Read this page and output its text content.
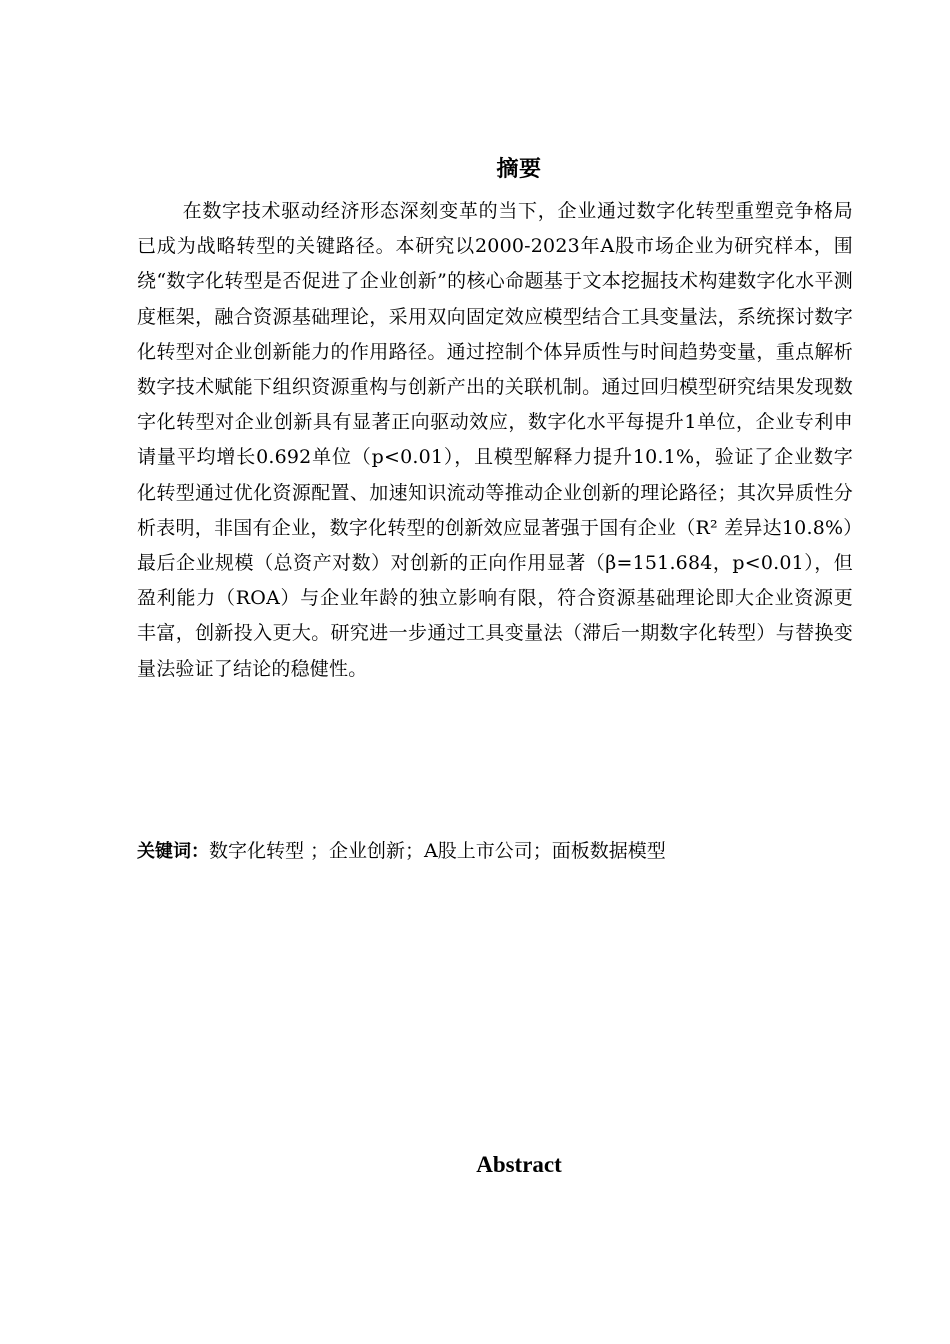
摘要

在数字技术驱动经济形态深刻变革的当下，企业通过数字化转型重塑竞争格局已成为战略转型的关键路径。本研究以2000-2023年A股市场企业为研究样本，围绕“数字化转型是否促进了企业创新”的核心命题基于文本挖掘技术构建数字化水平测度框架，融合资源基础理论，采用双向固定效应模型结合工具变量法，系统探讨数字化转型对企业创新能力的作用路径。通过控制个体异质性与时间趋势变量，重点解析数字技术赋能下组织资源重构与创新产出的关联机制。通过回归模型研究结果发现数字化转型对企业创新具有显著正向驱动效应，数字化水平每提升1单位，企业专利申请量平均增长0.692单位（p<0.01），且模型解释力提升10.1%，验证了企业数字化转型通过优化资源配置、加速知识流动等推动企业创新的理论路径；其次异质性分析表明，非国有企业，数字化转型的创新效应显著强于国有企业（R² 差异达10.8%）最后企业规模（总资产对数）对创新的正向作用显著（β=151.684，p<0.01），但盈利能力（ROA）与企业年龄的独立影响有限，符合资源基础理论即大企业资源更丰富，创新投入更大。研究进一步通过工具变量法（滞后一期数字化转型）与替换变量法验证了结论的稳健性。

关键词：数字化转型 ；企业创新；A股上市公司；面板数据模型
Abstract
